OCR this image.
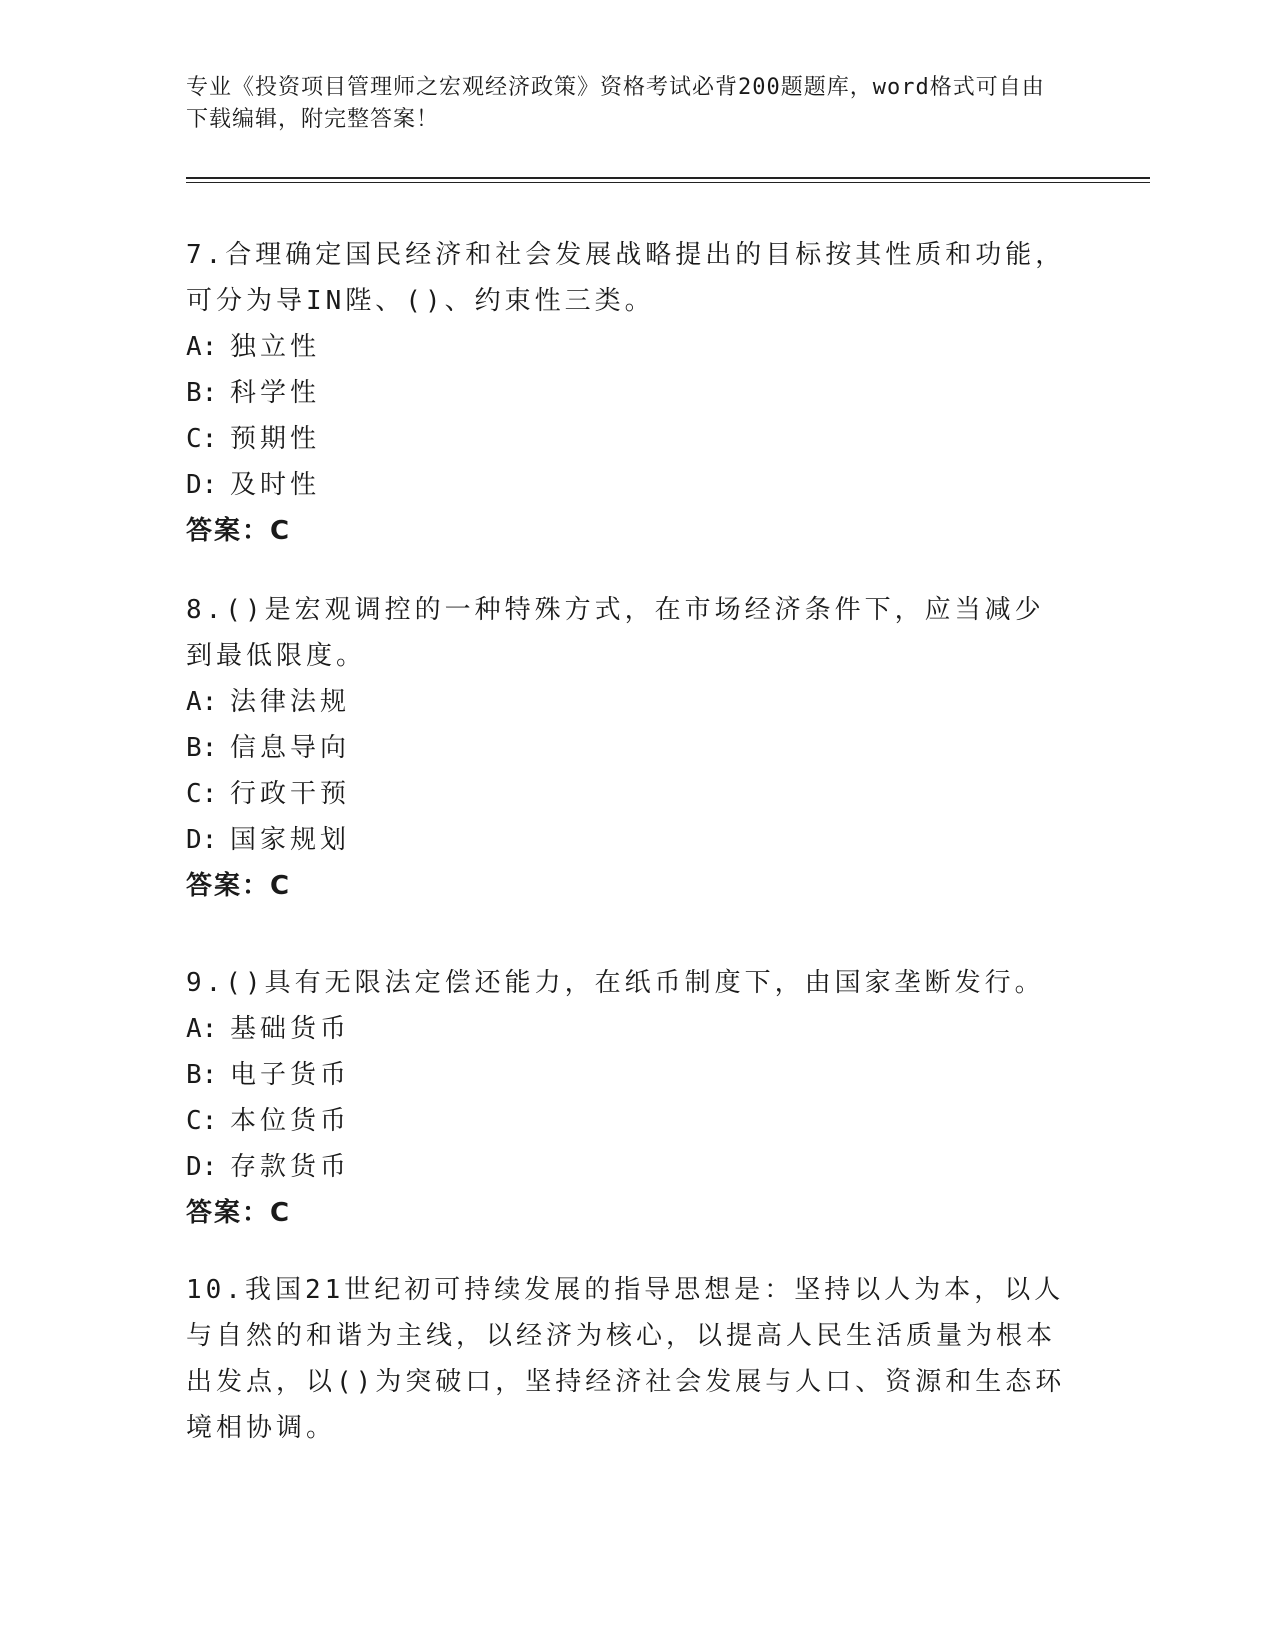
专业《投资项目管理师之宏观经济政策》资格考试必背200题题库，word格式可自由下载编辑，附完整答案！

7.合理确定国民经济和社会发展战略提出的目标按其性质和功能，可分为导IN陛、()、约束性三类。

A: 独立性

B: 科学性

C: 预期性

D: 及时性

答案：C

8.()是宏观调控的一种特殊方式，在市场经济条件下，应当减少到最低限度。

A: 法律法规

B: 信息导向

C: 行政干预

D: 国家规划

答案：C

9.()具有无限法定偿还能力，在纸币制度下，由国家垄断发行。

A: 基础货币

B: 电子货币

C: 本位货币

D: 存款货币

答案：C

10.我国21世纪初可持续发展的指导思想是：坚持以人为本，以人与自然的和谐为主线，以经济为核心，以提高人民生活质量为根本出发点，以()为突破口，坚持经济社会发展与人口、资源和生态环境相协调。
